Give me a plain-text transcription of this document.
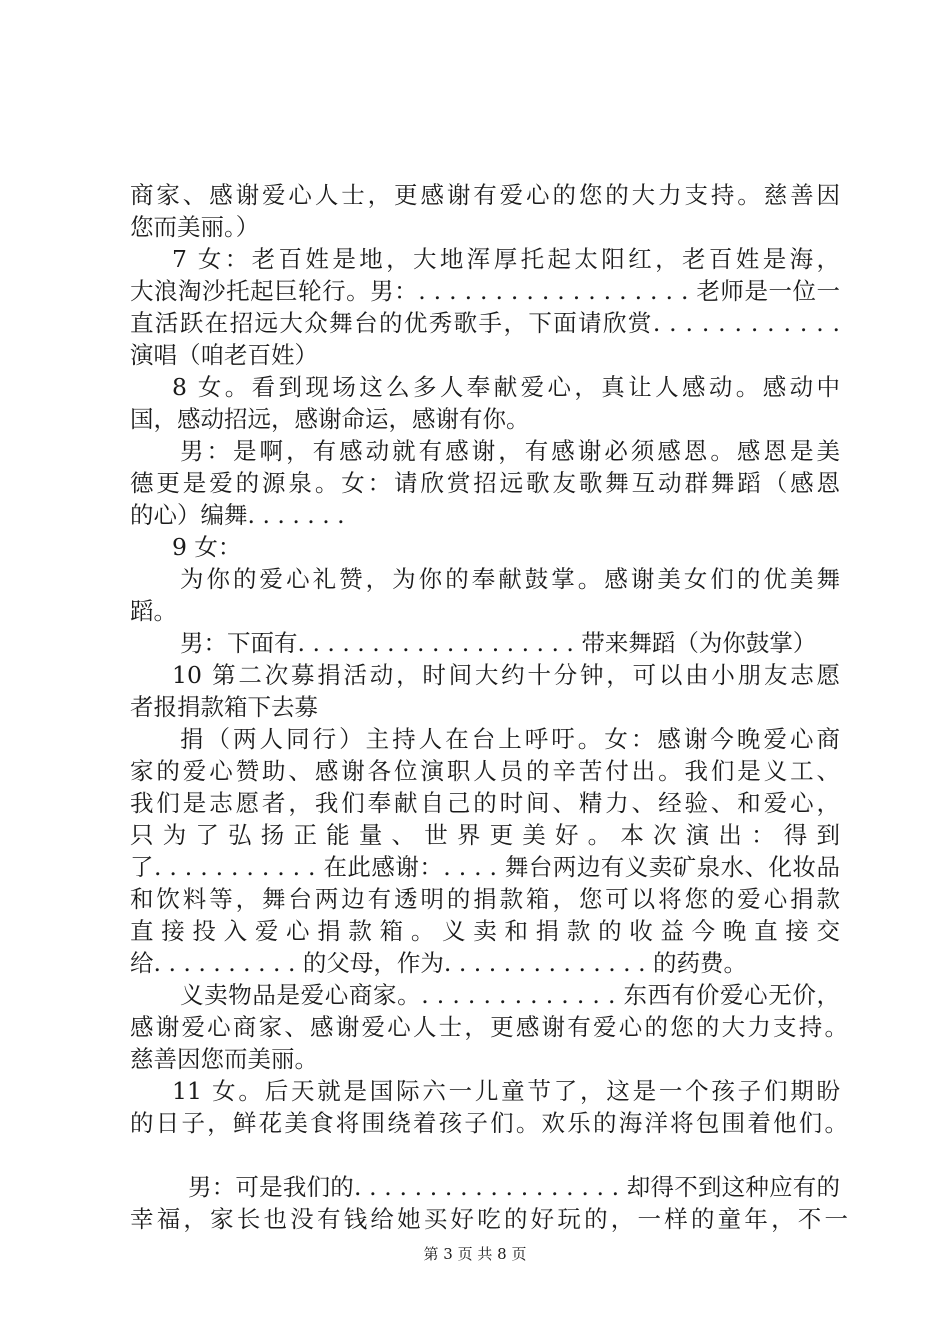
商家、感谢爱心人士，更感谢有爱心的您的大力支持。慈善因
您而美丽。）
7 女：老百姓是地，大地浑厚托起太阳红，老百姓是海，
大浪淘沙托起巨轮行。男：. . . . . . . . . . . . . . . . . . 老师是一位一
直活跃在招远大众舞台的优秀歌手，下面请欣赏. . . . . . . . . . . .
演唱（咱老百姓）
8 女。看到现场这么多人奉献爱心，真让人感动。感动中
国，感动招远，感谢命运，感谢有你。
男：是啊，有感动就有感谢，有感谢必须感恩。感恩是美
德更是爱的源泉。女：请欣赏招远歌友歌舞互动群舞蹈（感恩
的心）编舞. . . . . . .
9 女：
为你的爱心礼赞，为你的奉献鼓掌。感谢美女们的优美舞
蹈。
男：下面有. . . . . . . . . . . . . . . . . . . 带来舞蹈（为你鼓掌）
10 第二次募捐活动，时间大约十分钟，可以由小朋友志愿
者报捐款箱下去募
捐（两人同行）主持人在台上呼吁。女：感谢今晚爱心商
家的爱心赞助、感谢各位演职人员的辛苦付出。我们是义工、
我们是志愿者，我们奉献自己的时间、精力、经验、和爱心，
只为了弘扬正能量、世界更美好。本次演出：得到
了. . . . . . . . . . . 在此感谢：. . . . 舞台两边有义卖矿泉水、化妆品
和饮料等，舞台两边有透明的捐款箱，您可以将您的爱心捐款
直接投入爱心捐款箱。义卖和捐款的收益今晚直接交
给. . . . . . . . . . 的父母，作为. . . . . . . . . . . . . . 的药费。
义卖物品是爱心商家。. . . . . . . . . . . . . 东西有价爱心无价，
感谢爱心商家、感谢爱心人士，更感谢有爱心的您的大力支持。
慈善因您而美丽。
11 女。后天就是国际六一儿童节了，这是一个孩子们期盼
的日子，鲜花美食将围绕着孩子们。欢乐的海洋将包围着他们。
男：可是我们的. . . . . . . . . . . . . . . . . . 却得不到这种应有的
幸福，家长也没有钱给她买好吃的好玩的，一样的童年，不一
第 3 页 共 8 页
